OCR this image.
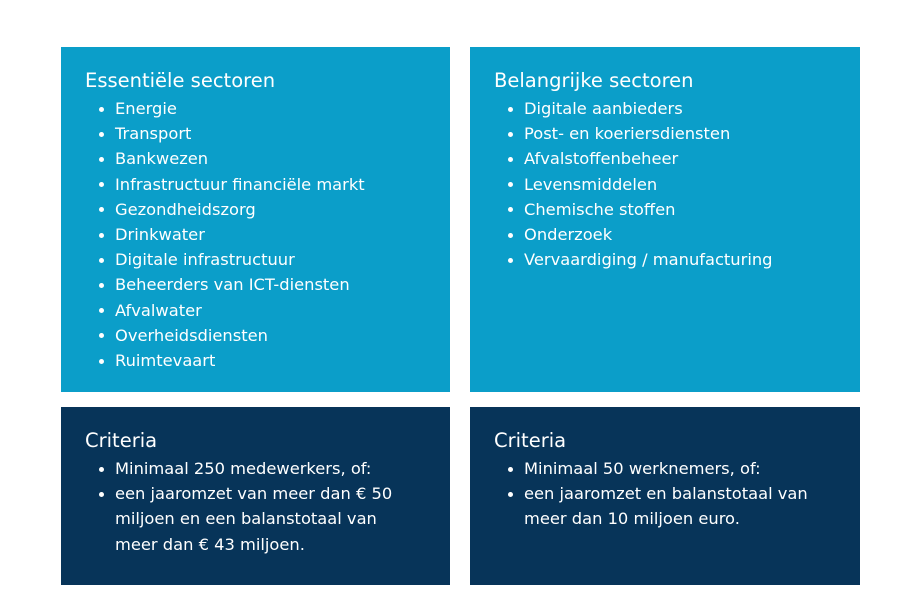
Essentiële sectoren
Energie
Transport
Bankwezen
Infrastructuur financiële markt
Gezondheidszorg
Drinkwater
Digitale infrastructuur
Beheerders van ICT-diensten
Afvalwater
Overheidsdiensten
Ruimtevaart
Belangrijke sectoren
Digitale aanbieders
Post- en koeriersdiensten
Afvalstoffenbeheer
Levensmiddelen
Chemische stoffen
Onderzoek
Vervaardiging / manufacturing
Criteria
Minimaal 250 medewerkers, of:
een jaaromzet van meer dan € 50 miljoen en een balanstotaal van meer dan € 43 miljoen.
Criteria
Minimaal 50 werknemers, of:
een jaaromzet en balanstotaal van meer dan 10 miljoen euro.
